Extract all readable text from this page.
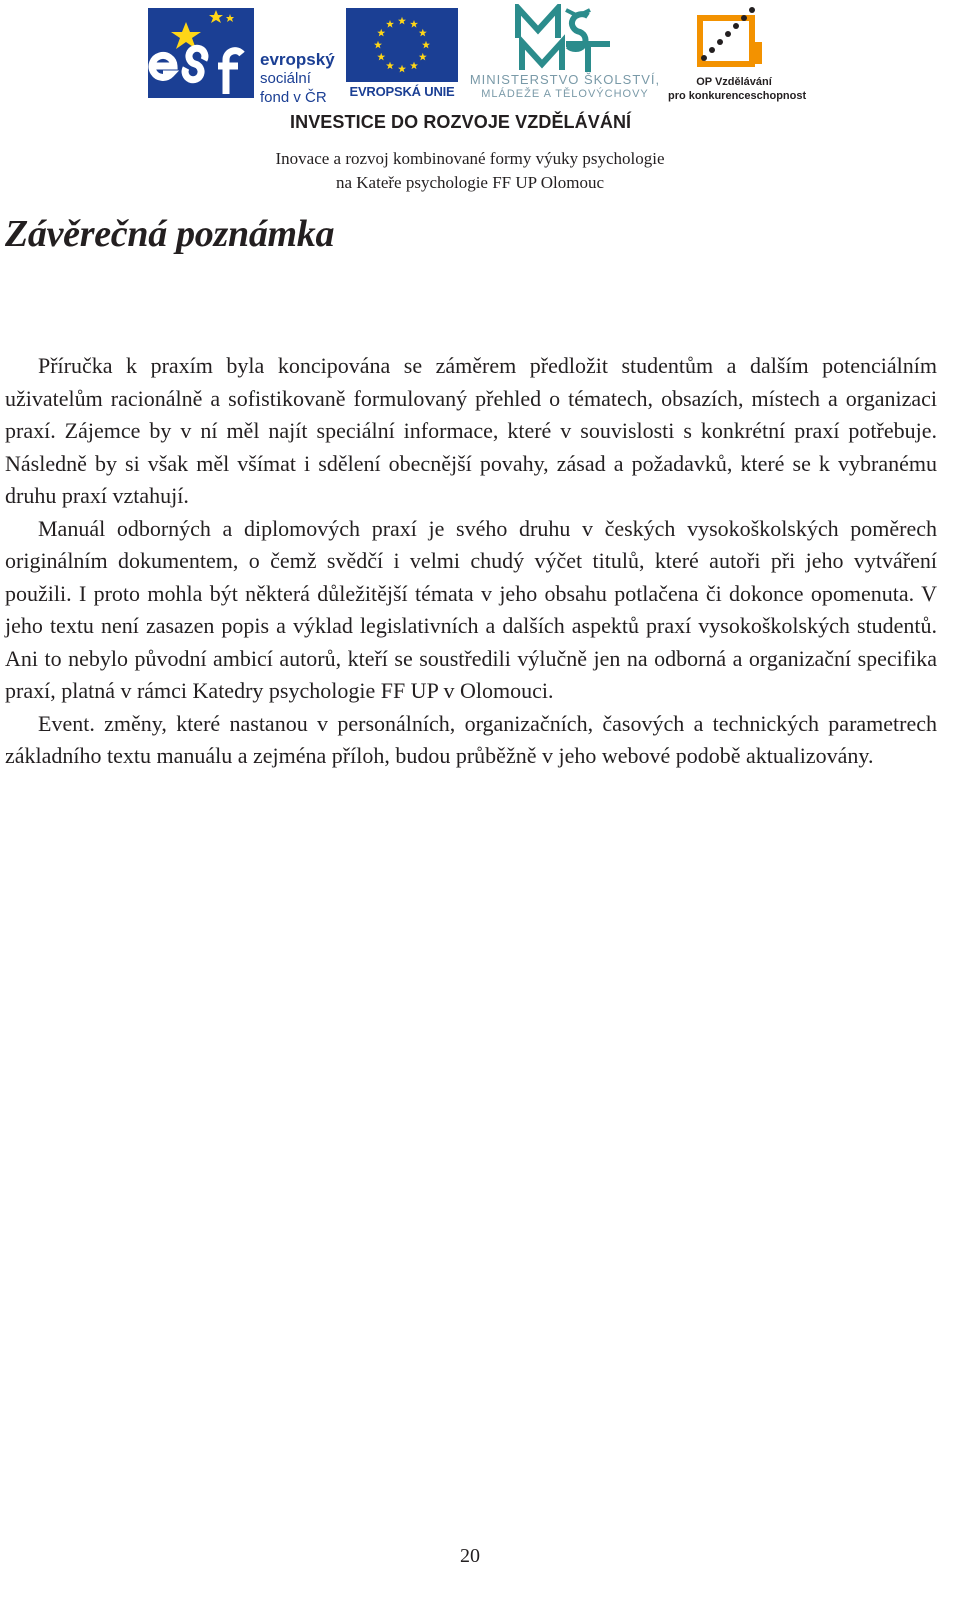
evropský
sociální
fond v ČR	EVROPSKÁ UNIE
MINISTERSTVO ŠKOLSTVÍ,
MLÁDEŽE A TĚLOVÝCHOVY
OP Vzdělávání
pro konkurenceschopnost
INVESTICE DO ROZVOJE VZDĚLÁVÁNÍ
Inovace a rozvoj kombinované formy výuky psychologie
na Kateře psychologie FF UP Olomouc
Závěrečná poznámka

Příručka k praxím byla koncipována se záměrem předložit studentům a dalším potenciálním uživatelům racionálně a sofistikovaně formulovaný přehled o tématech, obsazích, místech a organizaci praxí. Zájemce by v ní měl najít speciální informace, které v souvislosti s konkrétní praxí potřebuje. Následně by si však měl všímat i sdělení obecnější povahy, zásad a požadavků, které se k vybranému druhu praxí vztahují.

Manuál odborných a diplomových praxí je svého druhu v českých vysokoškolských poměrech originálním dokumentem, o čemž svědčí i velmi chudý výčet titulů, které autoři při jeho vytváření použili. I proto mohla být některá důležitější témata v jeho obsahu potlačena či dokonce opomenuta. V jeho textu není zasazen popis a výklad legislativních a dalších aspektů praxí vysokoškolských studentů. Ani to nebylo původní ambicí autorů, kteří se soustředili výlučně jen na odborná a organizační specifika praxí, platná v rámci Katedry psychologie FF UP v Olomouci.

Event. změny, které nastanou v personálních, organizačních, časových a technických parametrech základního textu manuálu a zejména příloh, budou průběžně v jeho webové podobě aktualizovány.

20
